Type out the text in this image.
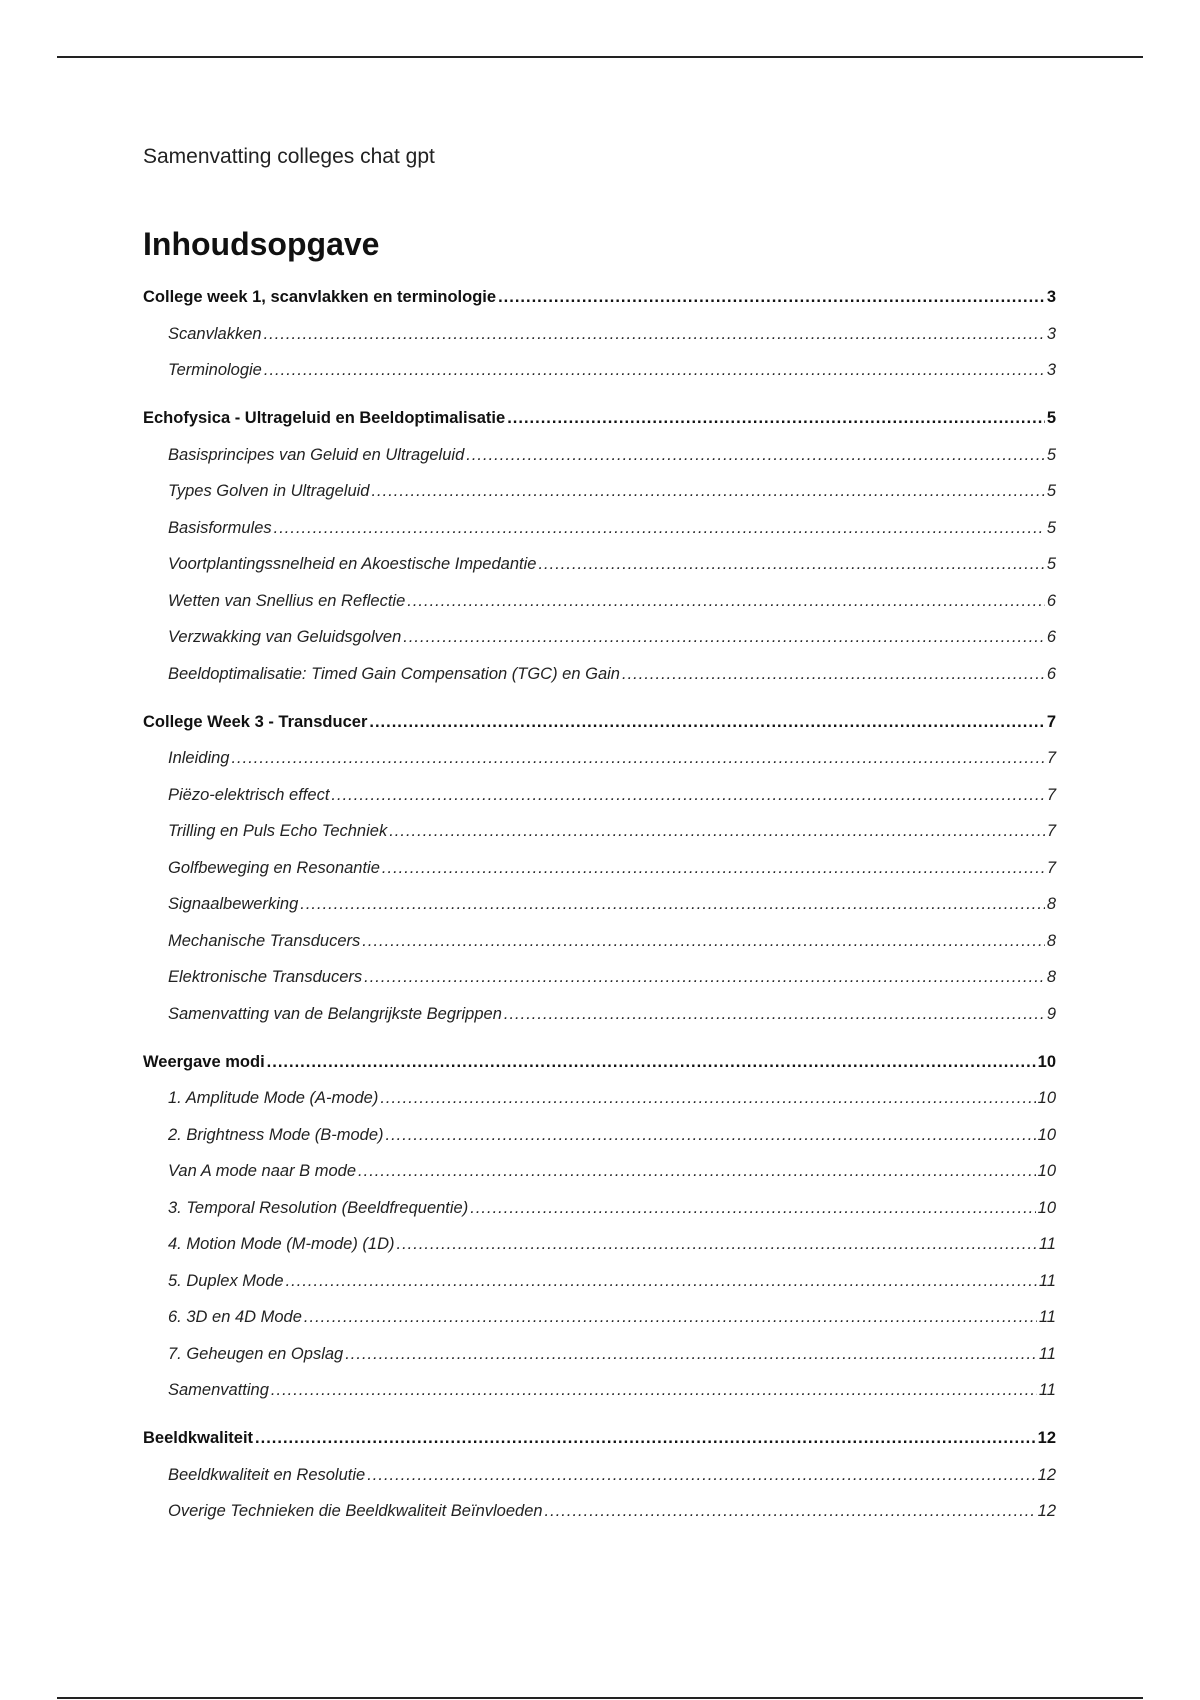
Samenvatting colleges chat gpt
Inhoudsopgave
College week 1, scanvlakken en terminologie .....	3
Scanvlakken .....	3
Terminologie .....	3
Echofysica - Ultrageluid en Beeldoptimalisatie .....	5
Basisprincipes van Geluid en Ultrageluid .....	5
Types Golven in Ultrageluid .....	5
Basisformules .....	5
Voortplantingssnelheid en Akoestische Impedantie .....	5
Wetten van Snellius en Reflectie .....	6
Verzwakking van Geluidsgolven .....	6
Beeldoptimalisatie: Timed Gain Compensation (TGC) en Gain .....	6
College Week 3 - Transducer .....	7
Inleiding .....	7
Piëzo-elektrisch effect .....	7
Trilling en Puls Echo Techniek .....	7
Golfbeweging en Resonantie .....	7
Signaalbewerking .....	8
Mechanische Transducers .....	8
Elektronische Transducers .....	8
Samenvatting van de Belangrijkste Begrippen .....	9
Weergave modi .....	10
1. Amplitude Mode (A-mode) .....	10
2. Brightness Mode (B-mode) .....	10
Van A mode naar B mode .....	10
3. Temporal Resolution (Beeldfrequentie) .....	10
4. Motion Mode (M-mode) (1D) .....	11
5. Duplex Mode .....	11
6. 3D en 4D Mode .....	11
7. Geheugen en Opslag .....	11
Samenvatting .....	11
Beeldkwaliteit .....	12
Beeldkwaliteit en Resolutie .....	12
Overige Technieken die Beeldkwaliteit Beïnvloeden .....	12
